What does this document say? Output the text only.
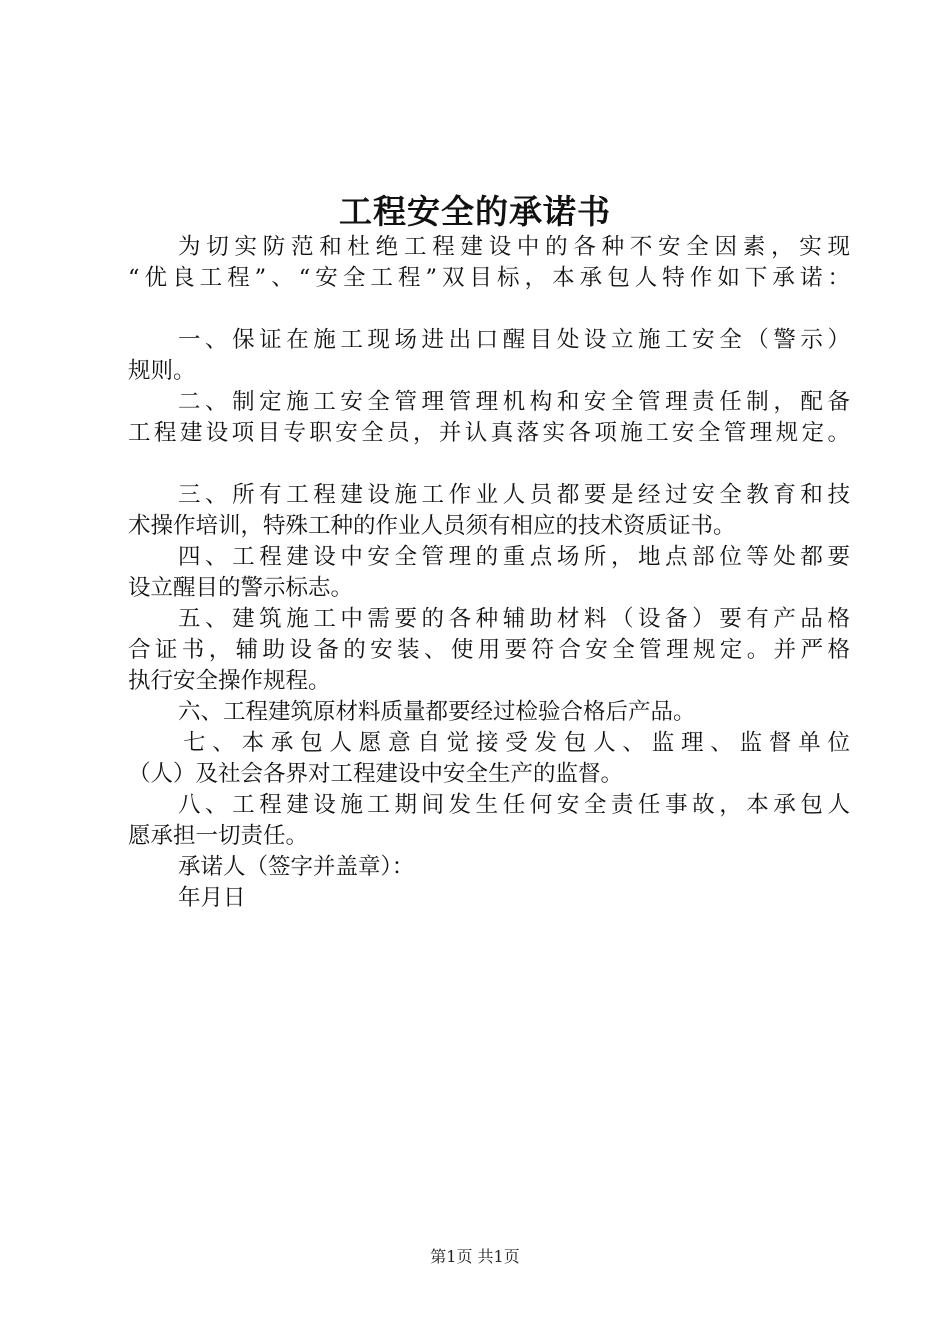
工程安全的承诺书
为切实防范和杜绝工程建设中的各种不安全因素，实现
“优良工程”、“安全工程”双目标，本承包人特作如下承诺：
一、保证在施工现场进出口醒目处设立施工安全（警示）
规则。
二、制定施工安全管理管理机构和安全管理责任制，配备
工程建设项目专职安全员，并认真落实各项施工安全管理规定。
三、所有工程建设施工作业人员都要是经过安全教育和技
术操作培训，特殊工种的作业人员须有相应的技术资质证书。
四、工程建设中安全管理的重点场所，地点部位等处都要
设立醒目的警示标志。
五、建筑施工中需要的各种辅助材料（设备）要有产品格
合证书，辅助设备的安装、使用要符合安全管理规定。并严格
执行安全操作规程。
六、工程建筑原材料质量都要经过检验合格后产品。
七、本承包人愿意自觉接受发包人、监理、监督单位
（人）及社会各界对工程建设中安全生产的监督。
八、工程建设施工期间发生任何安全责任事故，本承包人
愿承担一切责任。
承诺人（签字并盖章）：
年月日
第1页 共1页
